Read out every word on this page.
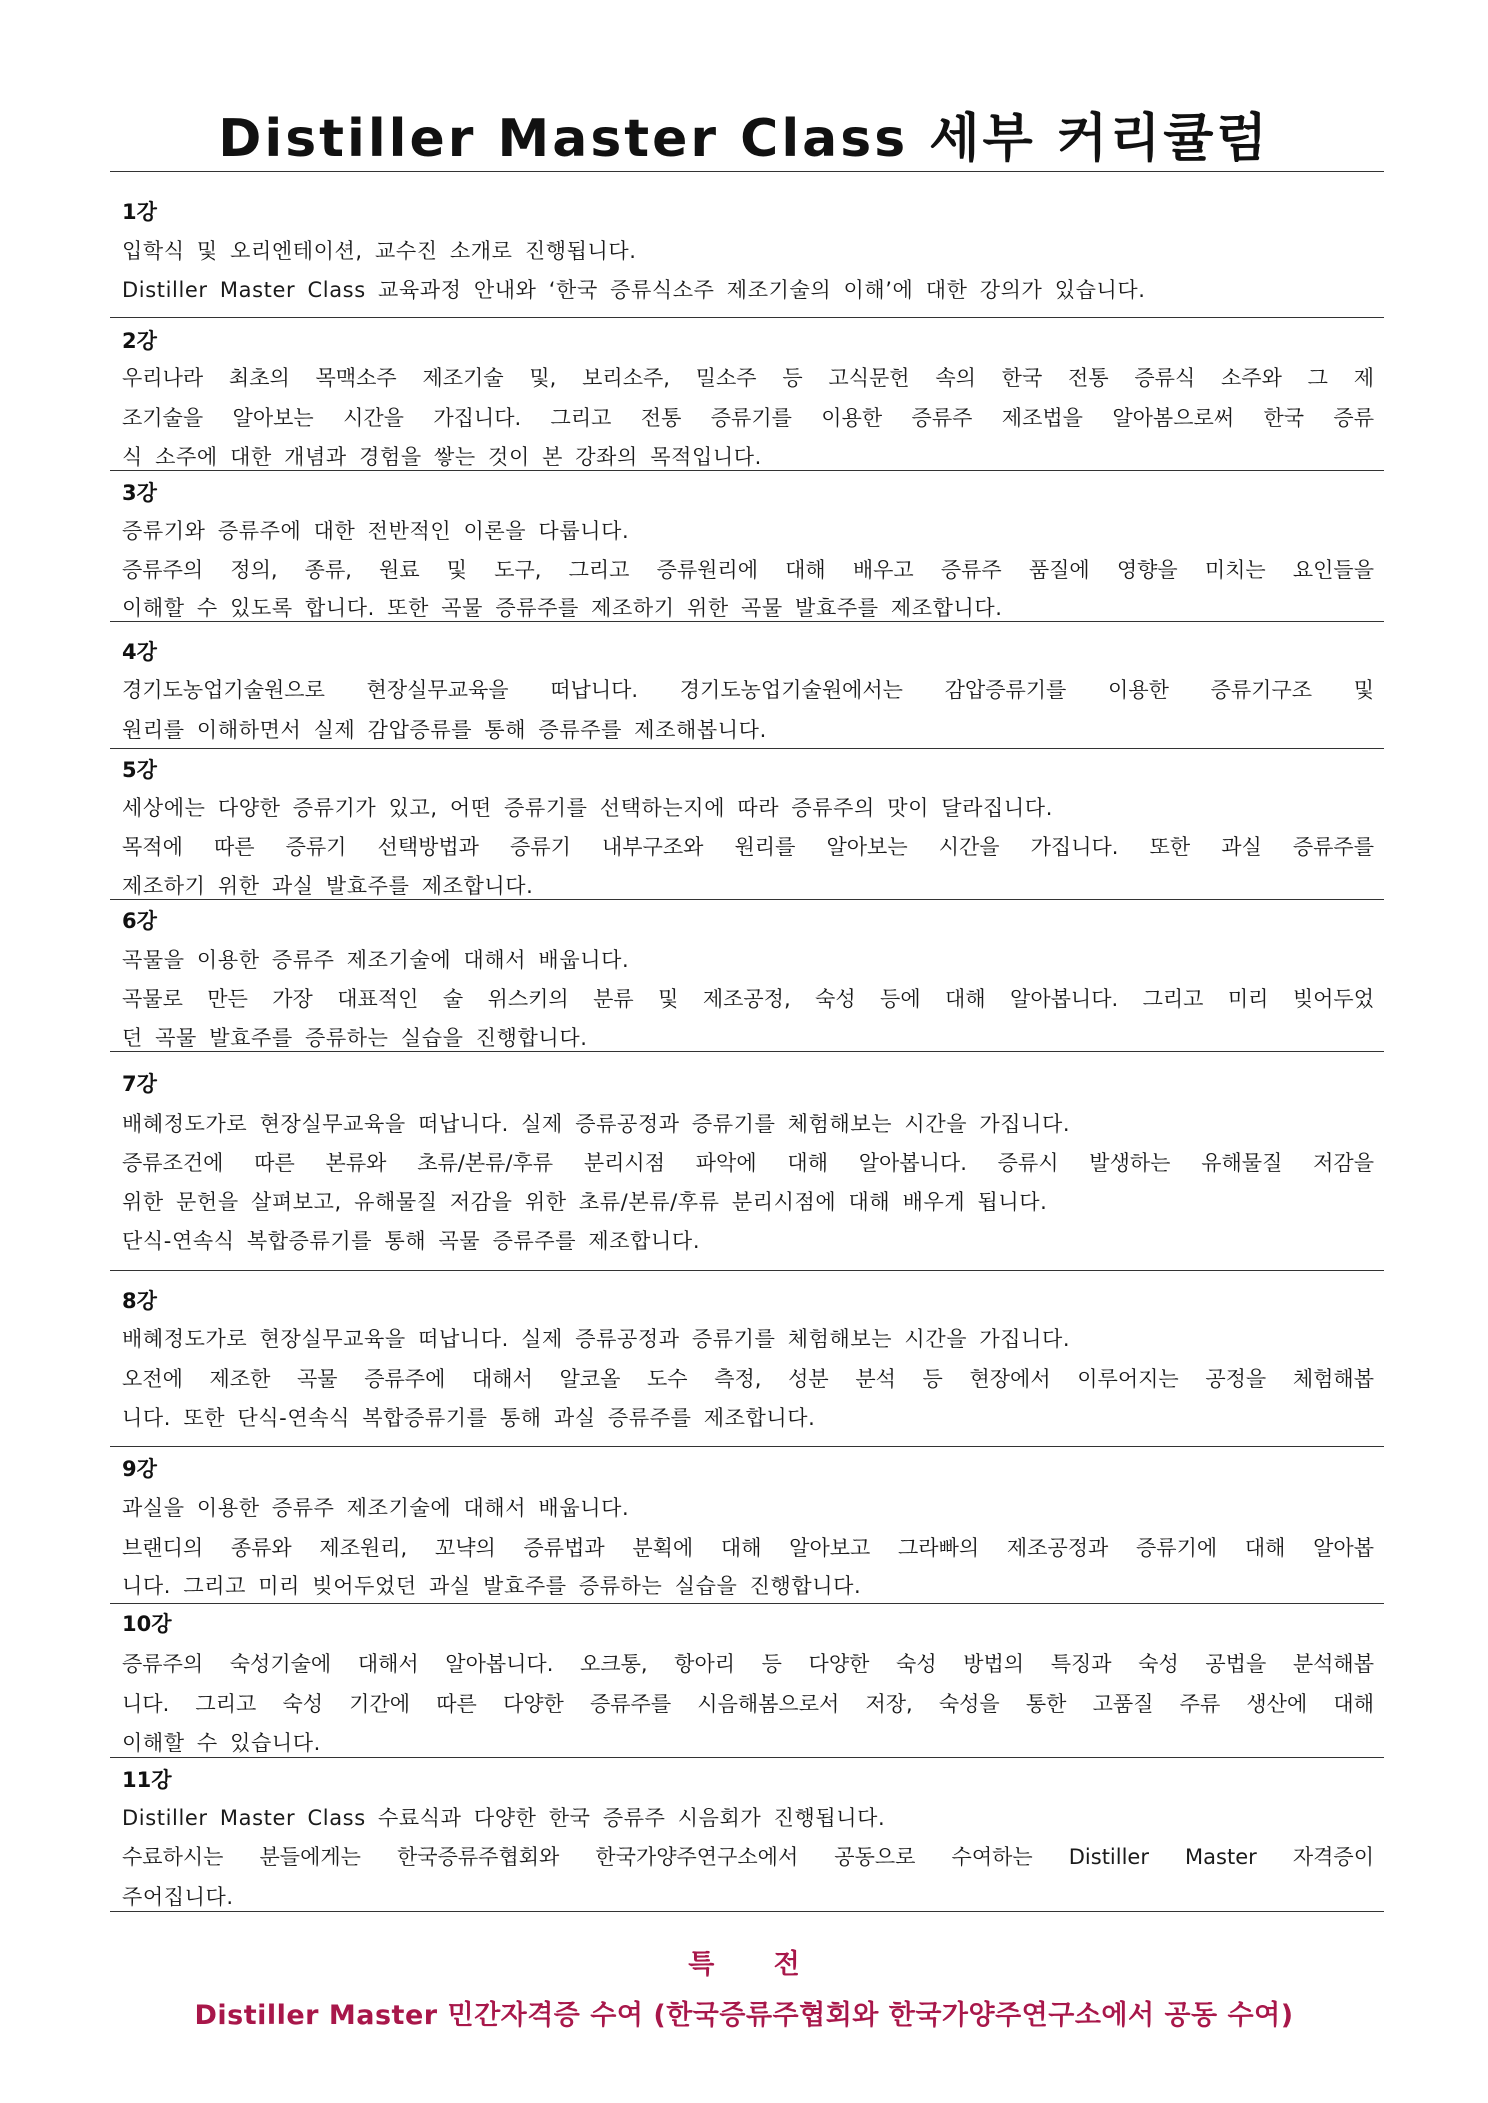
Distiller Master Class 세부 커리큘럼
1강
입학식 및 오리엔테이션, 교수진 소개로 진행됩니다.
Distiller Master Class 교육과정 안내와 ‘한국 증류식소주 제조기술의 이해’에 대한 강의가 있습니다.
2강
우리나라 최초의 목맥소주 제조기술 및, 보리소주, 밀소주 등 고식문헌 속의 한국 전통 증류식 소주와 그 제
조기술을 알아보는 시간을 가집니다. 그리고 전통 증류기를 이용한 증류주 제조법을 알아봄으로써 한국 증류
식 소주에 대한 개념과 경험을 쌓는 것이 본 강좌의 목적입니다.
3강
증류기와 증류주에 대한 전반적인 이론을 다룹니다.
증류주의 정의, 종류, 원료 및 도구, 그리고 증류원리에 대해 배우고 증류주 품질에 영향을 미치는 요인들을
이해할 수 있도록 합니다. 또한 곡물 증류주를 제조하기 위한 곡물 발효주를 제조합니다.
4강
경기도농업기술원으로 현장실무교육을 떠납니다. 경기도농업기술원에서는 감압증류기를 이용한 증류기구조 및
원리를 이해하면서 실제 감압증류를 통해 증류주를 제조해봅니다.
5강
세상에는 다양한 증류기가 있고, 어떤 증류기를 선택하는지에 따라 증류주의 맛이 달라집니다.
목적에 따른 증류기 선택방법과 증류기 내부구조와 원리를 알아보는 시간을 가집니다. 또한 과실 증류주를
제조하기 위한 과실 발효주를 제조합니다.
6강
곡물을 이용한 증류주 제조기술에 대해서 배웁니다.
곡물로 만든 가장 대표적인 술 위스키의 분류 및 제조공정, 숙성 등에 대해 알아봅니다. 그리고 미리 빚어두었
던 곡물 발효주를 증류하는 실습을 진행합니다.
7강
배혜정도가로 현장실무교육을 떠납니다. 실제 증류공정과 증류기를 체험해보는 시간을 가집니다.
증류조건에 따른 본류와 초류/본류/후류 분리시점 파악에 대해 알아봅니다. 증류시 발생하는 유해물질 저감을
위한 문헌을 살펴보고, 유해물질 저감을 위한 초류/본류/후류 분리시점에 대해 배우게 됩니다.
단식-연속식 복합증류기를 통해 곡물 증류주를 제조합니다.
8강
배혜정도가로 현장실무교육을 떠납니다. 실제 증류공정과 증류기를 체험해보는 시간을 가집니다.
오전에 제조한 곡물 증류주에 대해서 알코올 도수 측정, 성분 분석 등 현장에서 이루어지는 공정을 체험해봅
니다. 또한 단식-연속식 복합증류기를 통해 과실 증류주를 제조합니다.
9강
과실을 이용한 증류주 제조기술에 대해서 배웁니다.
브랜디의 종류와 제조원리, 꼬냑의 증류법과 분획에 대해 알아보고 그라빠의 제조공정과 증류기에 대해 알아봅
니다. 그리고 미리 빚어두었던 과실 발효주를 증류하는 실습을 진행합니다.
10강
증류주의 숙성기술에 대해서 알아봅니다. 오크통, 항아리 등 다양한 숙성 방법의 특징과 숙성 공법을 분석해봅
니다. 그리고 숙성 기간에 따른 다양한 증류주를 시음해봄으로서 저장, 숙성을 통한 고품질 주류 생산에 대해
이해할 수 있습니다.
11강
Distiller Master Class 수료식과 다양한 한국 증류주 시음회가 진행됩니다.
수료하시는 분들에게는 한국증류주협회와 한국가양주연구소에서 공동으로 수여하는 Distiller Master 자격증이
주어집니다.
특 전
Distiller Master 민간자격증 수여 (한국증류주협회와 한국가양주연구소에서 공동 수여)
